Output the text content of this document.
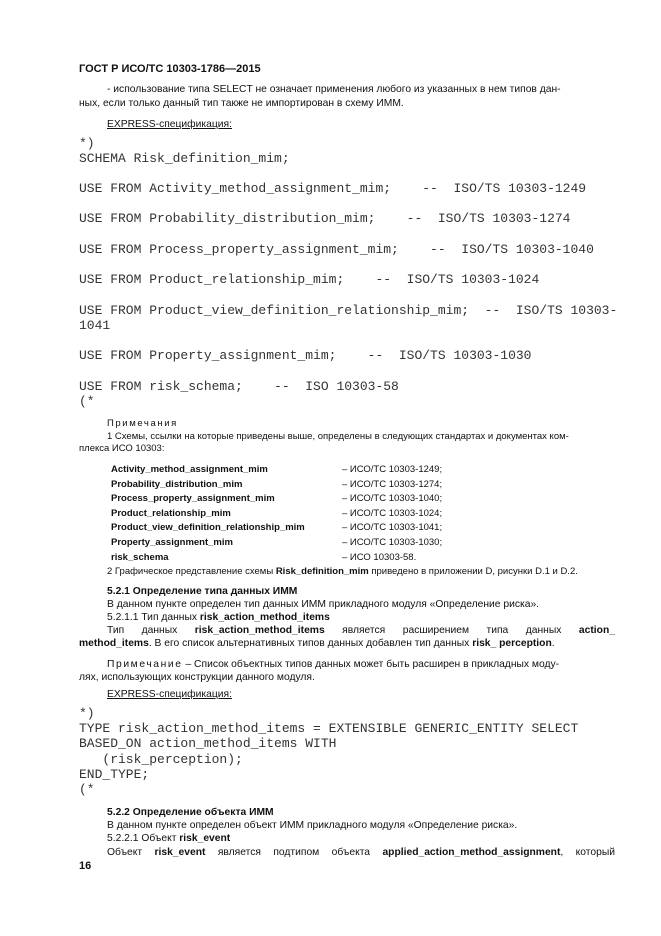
ГОСТ Р ИСО/ТС 10303-1786—2015
- использование типа SELECT не означает применения любого из указанных в нем типов дан-
ных, если только данный тип также не импортирован в схему ИММ.
EXPRESS-спецификация:
*)
SCHEMA Risk_definition_mim;
USE FROM Activity_method_assignment_mim;    --  ISO/TS 10303-1249
USE FROM Probability_distribution_mim;    --  ISO/TS 10303-1274
USE FROM Process_property_assignment_mim;    --  ISO/TS 10303-1040
USE FROM Product_relationship_mim;    --  ISO/TS 10303-1024
USE FROM Product_view_definition_relationship_mim;  --  ISO/TS 10303-
1041
USE FROM Property_assignment_mim;    --  ISO/TS 10303-1030
USE FROM risk_schema;    --  ISO 10303-58
(*
Примечания
1 Схемы, ссылки на которые приведены выше, определены в следующих стандартах и документах ком-
плекса ИСО 10303:
Activity_method_assignment_mim	– ИСО/ТС 10303-1249;
Probability_distribution_mim	– ИСО/ТС 10303-1274;
Process_property_assignment_mim	– ИСО/ТС 10303-1040;
Product_relationship_mim	– ИСО/ТС 10303-1024;
Product_view_definition_relationship_mim	– ИСО/ТС 10303-1041;
Property_assignment_mim	– ИСО/ТС 10303-1030;
risk_schema	– ИСО 10303-58.
2 Графическое представление схемы Risk_definition_mim приведено в приложении D, рисунки D.1 и D.2.
5.2.1 Определение типа данных ИММ
В данном пункте определен тип данных ИММ прикладного модуля «Определение риска».
5.2.1.1 Тип данных risk_action_method_items
Тип данных risk_action_method_items является расширением типа данных action_
method_items. В его список альтернативных типов данных добавлен тип данных risk_ perception.
Примечание – Список объектных типов данных может быть расширен в прикладных моду-
лях, использующих конструкции данного модуля.
EXPRESS-спецификация:
*)
TYPE risk_action_method_items = EXTENSIBLE GENERIC_ENTITY SELECT
BASED_ON action_method_items WITH
(risk_perception);
END_TYPE;
(*
5.2.2 Определение объекта ИММ
В данном пункте определен объект ИММ прикладного модуля «Определение риска».
5.2.2.1 Объект risk_event
Объект risk_event является подтипом объекта applied_action_method_assignment, который
16
